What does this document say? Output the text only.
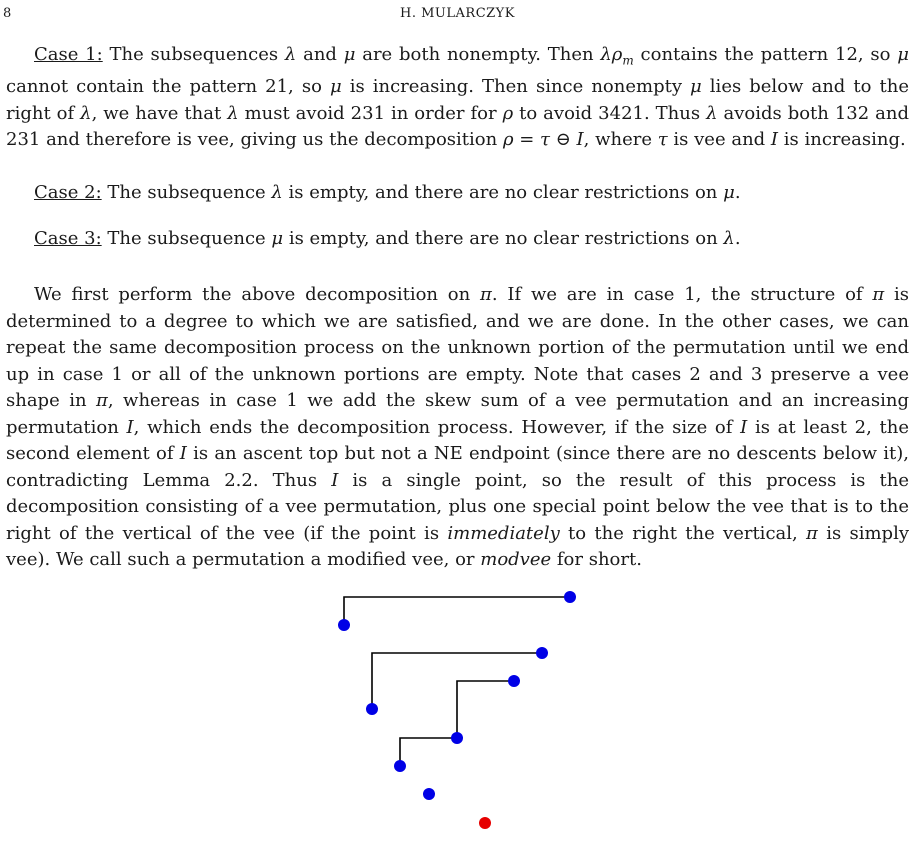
8	H. MULARCZYK

Case 1: The subsequences λ and μ are both nonempty. Then $\lambda\rho_m$ contains the pattern 12, so μ cannot contain the pattern 21, so μ is increasing. Then since nonempty μ lies below and to the right of λ, we have that λ must avoid 231 in order for ρ to avoid 3421. Thus λ avoids both 132 and 231 and therefore is vee, giving us the decomposition ρ = τ ⊖ I, where τ is vee and I is increasing.

Case 2: The subsequence λ is empty, and there are no clear restrictions on μ.

Case 3: The subsequence μ is empty, and there are no clear restrictions on λ.

We first perform the above decomposition on π. If we are in case 1, the structure of π is determined to a degree to which we are satisfied, and we are done. In the other cases, we can repeat the same decomposition process on the unknown portion of the permutation until we end up in case 1 or all of the unknown portions are empty. Note that cases 2 and 3 preserve a vee shape in π, whereas in case 1 we add the skew sum of a vee permutation and an increasing permutation I, which ends the decomposition process. However, if the size of I is at least 2, the second element of I is an ascent top but not a NE endpoint (since there are no descents below it), contradicting Lemma 2.2. Thus I is a single point, so the result of this process is the decomposition consisting of a vee permutation, plus one special point below the vee that is to the right of the vertical of the vee (if the point is immediately to the right the vertical, π is simply vee). We call such a permutation a modified vee, or modvee for short.
